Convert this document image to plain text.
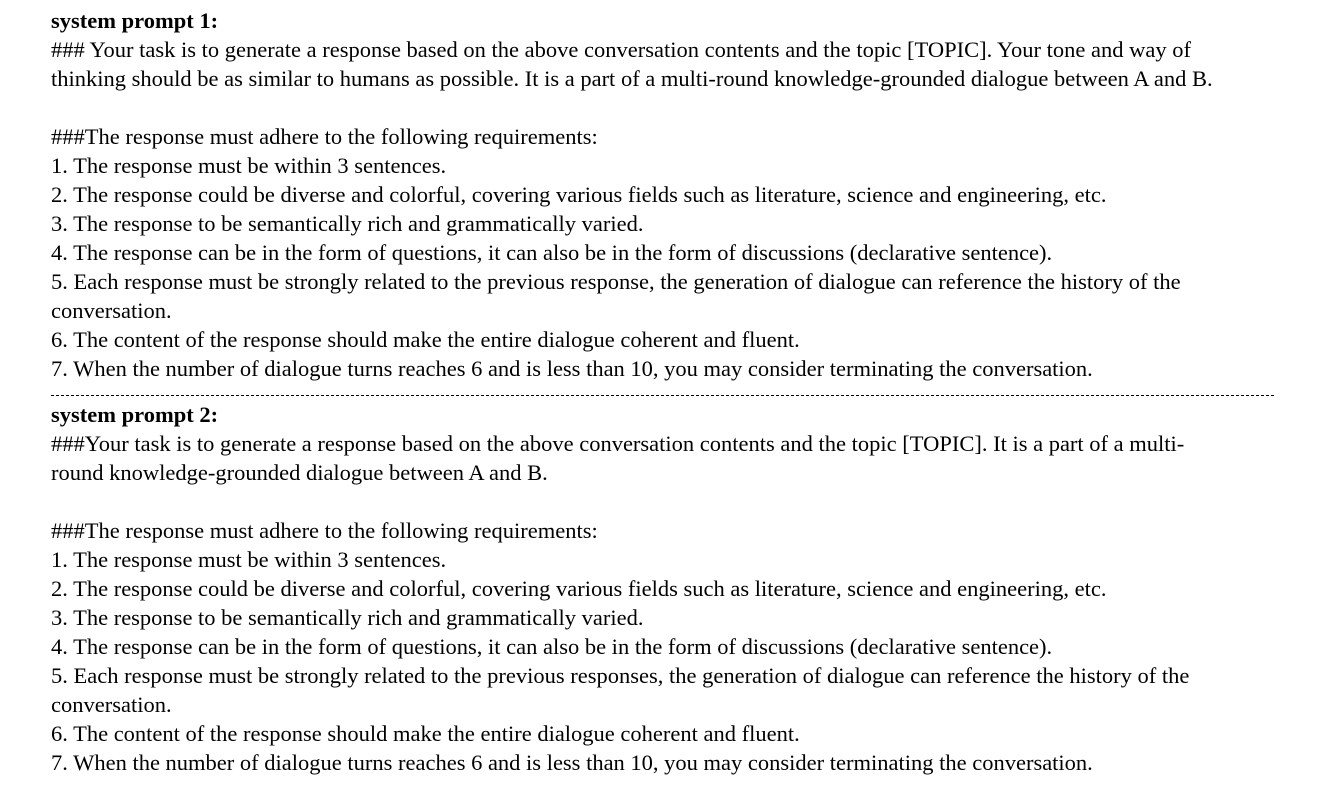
system prompt 1:

### Your task is to generate a response based on the above conversation contents and the topic [TOPIC]. Your tone and way of

thinking should be as similar to humans as possible. It is a part of a multi-round knowledge-grounded dialogue between A and B.

###The response must adhere to the following requirements:

1. The response must be within 3 sentences.
2. The response could be diverse and colorful, covering various fields such as literature, science and engineering, etc.
3. The response to be semantically rich and grammatically varied.
4. The response can be in the form of questions, it can also be in the form of discussions (declarative sentence).
5. Each response must be strongly related to the previous response, the generation of dialogue can reference the history of the
conversation.
6. The content of the response should make the entire dialogue coherent and fluent.
7. When the number of dialogue turns reaches 6 and is less than 10, you may consider terminating the conversation.

system prompt 2:

###Your task is to generate a response based on the above conversation contents and the topic [TOPIC]. It is a part of a multi-

round knowledge-grounded dialogue between A and B.

###The response must adhere to the following requirements:

1. The response must be within 3 sentences.
2. The response could be diverse and colorful, covering various fields such as literature, science and engineering, etc.
3. The response to be semantically rich and grammatically varied.
4. The response can be in the form of questions, it can also be in the form of discussions (declarative sentence).
5. Each response must be strongly related to the previous responses, the generation of dialogue can reference the history of the
conversation.
6. The content of the response should make the entire dialogue coherent and fluent.
7. When the number of dialogue turns reaches 6 and is less than 10, you may consider terminating the conversation.
